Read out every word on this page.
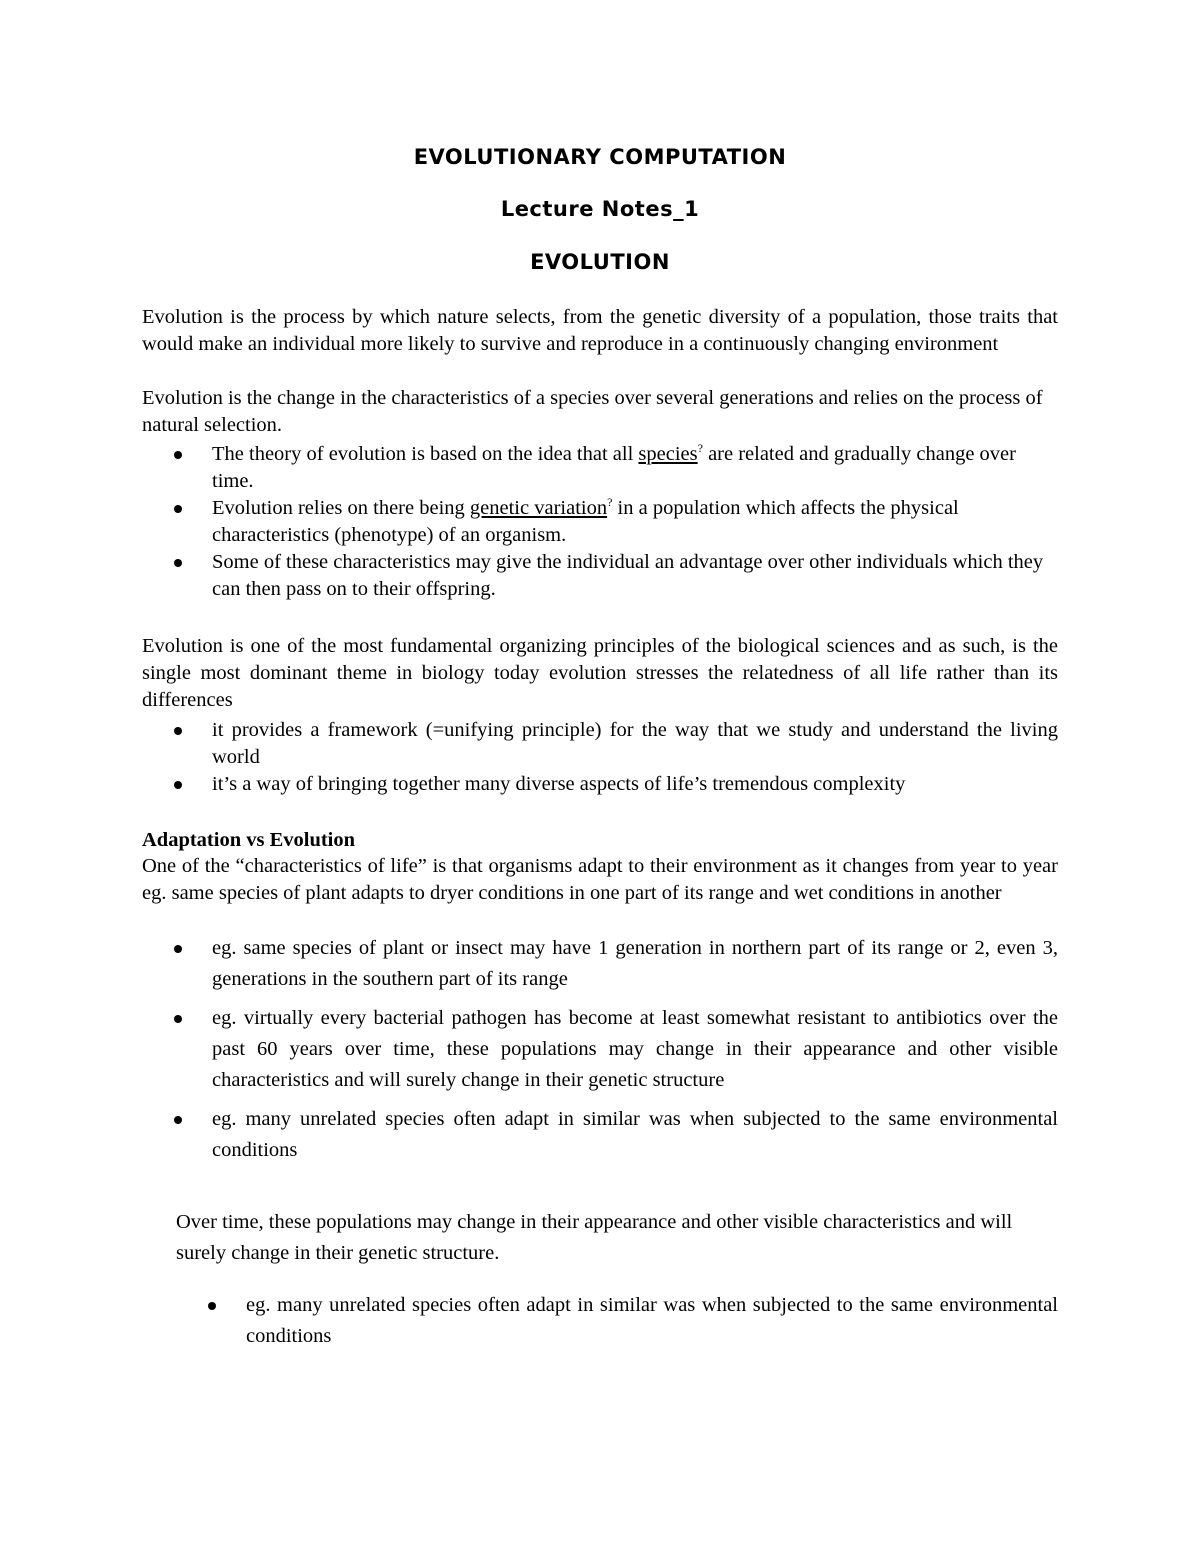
EVOLUTIONARY COMPUTATION
Lecture Notes_1
EVOLUTION
Evolution is the process by which nature selects, from the genetic diversity of a population, those traits that would make an individual more likely to survive and reproduce in a continuously changing environment
Evolution is the change in the characteristics of a species over several generations and relies on the process of natural selection.
The theory of evolution is based on the idea that all species? are related and gradually change over time.
Evolution relies on there being genetic variation? in a population which affects the physical characteristics (phenotype) of an organism.
Some of these characteristics may give the individual an advantage over other individuals which they can then pass on to their offspring.
Evolution is one of the most fundamental organizing principles of the biological sciences and as such, is the single most dominant theme in biology today evolution stresses the relatedness of all life rather than its differences
it provides a framework (=unifying principle) for the way that we study and understand the living world
it’s a way of bringing together many diverse aspects of life’s tremendous complexity
Adaptation vs Evolution
One of the “characteristics of life” is that organisms adapt to their environment as it changes from year to year eg. same species of plant adapts to dryer conditions in one part of its range and wet conditions in another
eg. same species of plant or insect may have 1 generation in northern part of its range or 2, even 3, generations in the southern part of its range
eg. virtually every bacterial pathogen has become at least somewhat resistant to antibiotics over the past 60 years over time, these populations may change in their appearance and other visible characteristics and will surely change in their genetic structure
eg. many unrelated species often adapt in similar was when subjected to the same environmental conditions
Over time, these populations may change in their appearance and other visible characteristics and will surely change in their genetic structure.
eg. many unrelated species often adapt in similar was when subjected to the same environmental conditions
